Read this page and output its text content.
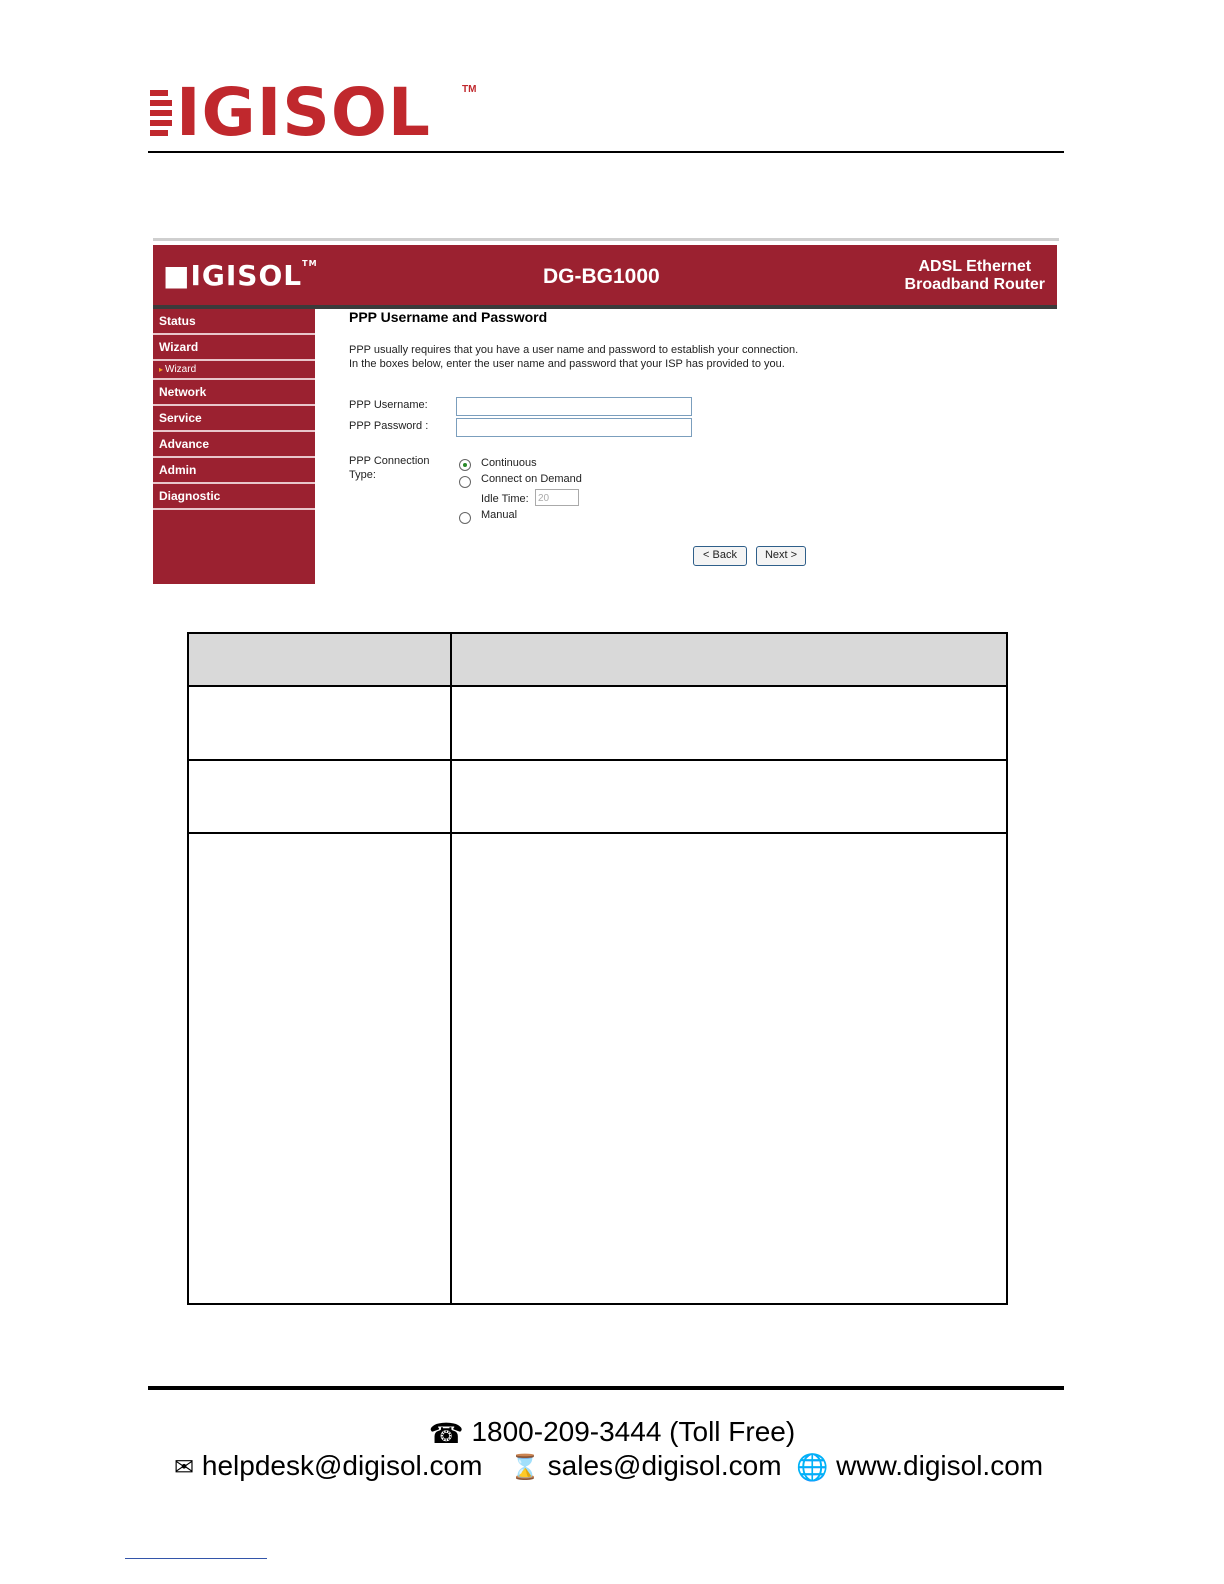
IGISOL	TM
■IGISOL™
DG-BG1000	ADSL Ethernet
Broadband Router
Status
Wizard
▸ Wizard
Network
Service
Advance
Admin
Diagnostic
PPP Username and Password
PPP usually requires that you have a user name and password to establish your connection.
In the boxes below, enter the user name and password that your ISP has provided to you.
PPP Username:
PPP Password :
PPP Connection
Type:
Continuous
Connect on Demand
Idle Time: 20
Manual
< Back	Next >
☎ 1800-209-3444 (Toll Free)
✉ helpdesk@digisol.com ⌛ sales@digisol.com 🌐 www.digisol.com
